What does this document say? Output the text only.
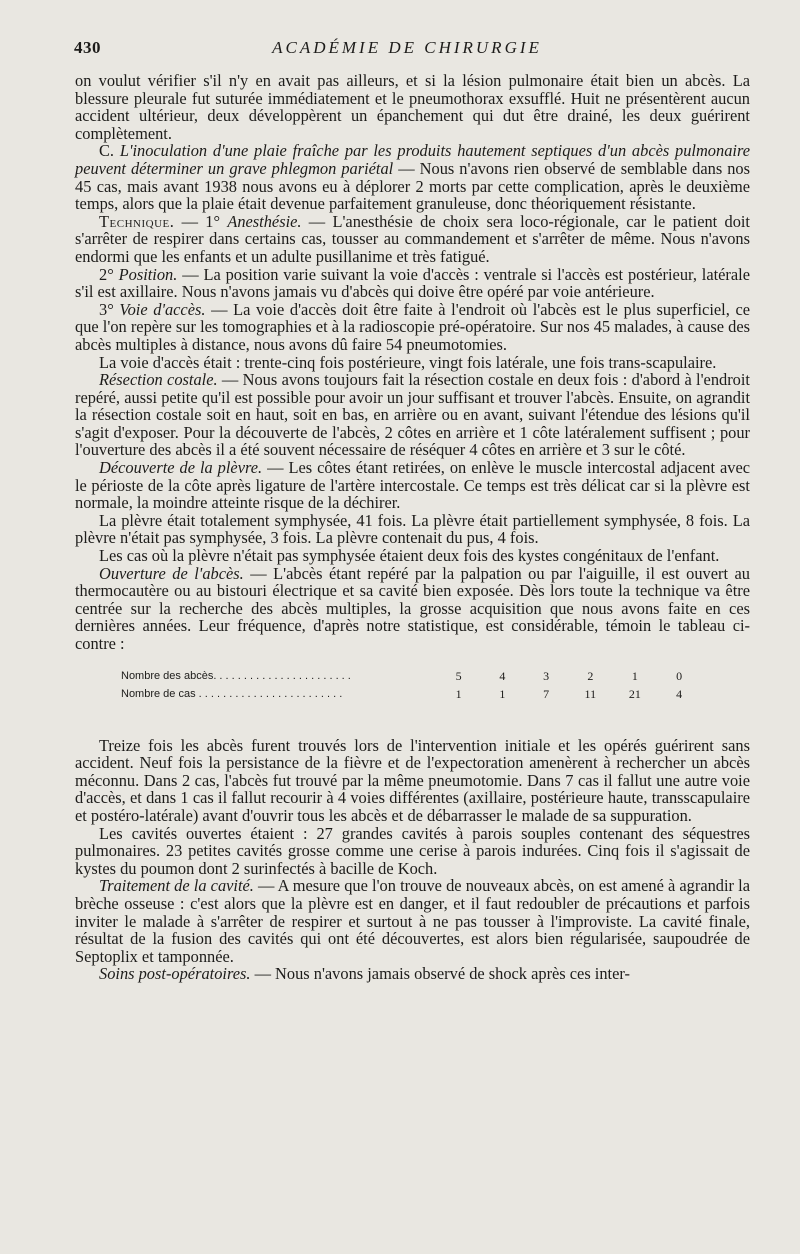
430	ACADÉMIE DE CHIRURGIE

on voulut vérifier s'il n'y en avait pas ailleurs, et si la lésion pulmonaire était bien un abcès. La blessure pleurale fut suturée immédiatement et le pneumothorax exsufflé. Huit ne présentèrent aucun accident ultérieur, deux développèrent un épanchement qui dut être drainé, les deux guérirent complètement.

C. L'inoculation d'une plaie fraîche par les produits hautement septiques d'un abcès pulmonaire peuvent déterminer un grave phlegmon pariétal — Nous n'avons rien observé de semblable dans nos 45 cas, mais avant 1938 nous avons eu à déplorer 2 morts par cette complication, après le deuxième temps, alors que la plaie était devenue parfaitement granuleuse, donc théoriquement résistante.

Technique. — 1° Anesthésie. — L'anesthésie de choix sera loco-régionale, car le patient doit s'arrêter de respirer dans certains cas, tousser au commandement et s'arrêter de même. Nous n'avons endormi que les enfants et un adulte pusillanime et très fatigué.

2° Position. — La position varie suivant la voie d'accès : ventrale si l'accès est postérieur, latérale s'il est axillaire. Nous n'avons jamais vu d'abcès qui doive être opéré par voie antérieure.

3° Voie d'accès. — La voie d'accès doit être faite à l'endroit où l'abcès est le plus superficiel, ce que l'on repère sur les tomographies et à la radioscopie pré-opératoire. Sur nos 45 malades, à cause des abcès multiples à distance, nous avons dû faire 54 pneumotomies.

La voie d'accès était : trente-cinq fois postérieure, vingt fois latérale, une fois trans-scapulaire.

Résection costale. — Nous avons toujours fait la résection costale en deux fois : d'abord à l'endroit repéré, aussi petite qu'il est possible pour avoir un jour suffisant et trouver l'abcès. Ensuite, on agrandit la résection costale soit en haut, soit en bas, en arrière ou en avant, suivant l'étendue des lésions qu'il s'agit d'exposer. Pour la découverte de l'abcès, 2 côtes en arrière et 1 côte latéralement suffisent ; pour l'ouverture des abcès il a été souvent nécessaire de réséquer 4 côtes en arrière et 3 sur le côté.

Découverte de la plèvre. — Les côtes étant retirées, on enlève le muscle intercostal adjacent avec le périoste de la côte après ligature de l'artère intercostale. Ce temps est très délicat car si la plèvre est normale, la moindre atteinte risque de la déchirer.

La plèvre était totalement symphysée, 41 fois. La plèvre était partiellement symphysée, 8 fois. La plèvre n'était pas symphysée, 3 fois. La plèvre contenait du pus, 4 fois.

Les cas où la plèvre n'était pas symphysée étaient deux fois des kystes congénitaux de l'enfant.

Ouverture de l'abcès. — L'abcès étant repéré par la palpation ou par l'aiguille, il est ouvert au thermocautère ou au bistouri électrique et sa cavité bien exposée. Dès lors toute la technique va être centrée sur la recherche des abcès multiples, la grosse acquisition que nous avons faite en ces dernières années. Leur fréquence, d'après notre statistique, est considérable, témoin le tableau ci-contre :

Nombre des abcès. . . . . . . . . . . . . . . . . . . . . . .	5	4	3	2	1	0
Nombre de cas . . . . . . . . . . . . . . . . . . . . . . . .	1	1	7	11	21	4

Treize fois les abcès furent trouvés lors de l'intervention initiale et les opérés guérirent sans accident. Neuf fois la persistance de la fièvre et de l'expectoration amenèrent à rechercher un abcès méconnu. Dans 2 cas, l'abcès fut trouvé par la même pneumotomie. Dans 7 cas il fallut une autre voie d'accès, et dans 1 cas il fallut recourir à 4 voies différentes (axillaire, postérieure haute, transscapulaire et postéro-latérale) avant d'ouvrir tous les abcès et de débarrasser le malade de sa suppuration.

Les cavités ouvertes étaient : 27 grandes cavités à parois souples contenant des séquestres pulmonaires. 23 petites cavités grosse comme une cerise à parois indurées. Cinq fois il s'agissait de kystes du poumon dont 2 surinfectés à bacille de Koch.

Traitement de la cavité. — A mesure que l'on trouve de nouveaux abcès, on est amené à agrandir la brèche osseuse : c'est alors que la plèvre est en danger, et il faut redoubler de précautions et parfois inviter le malade à s'arrêter de respirer et surtout à ne pas tousser à l'improviste. La cavité finale, résultat de la fusion des cavités qui ont été découvertes, est alors bien régularisée, saupoudrée de Septoplix et tamponnée.

Soins post-opératoires. — Nous n'avons jamais observé de shock après ces inter-
